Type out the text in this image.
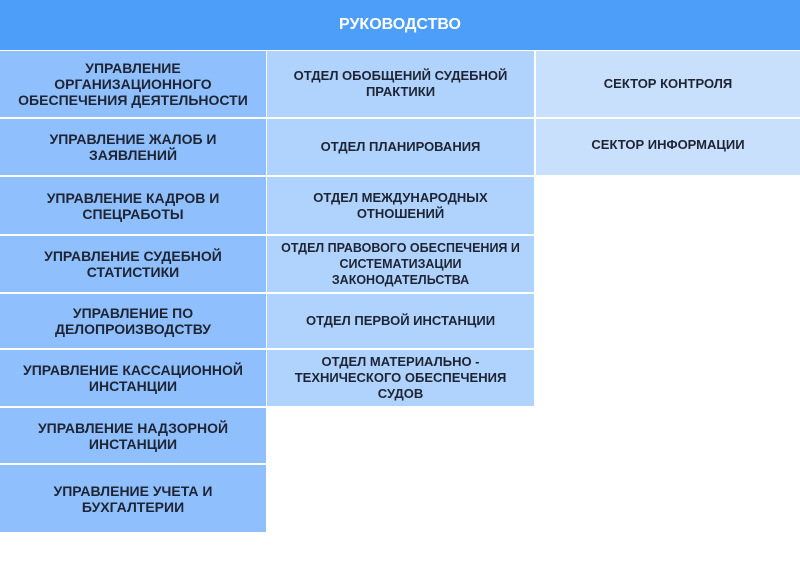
РУКОВОДСТВО
УПРАВЛЕНИЕ ОРГАНИЗАЦИОННОГО ОБЕСПЕЧЕНИЯ ДЕЯТЕЛЬНОСТИ
УПРАВЛЕНИЕ ЖАЛОБ И ЗАЯВЛЕНИЙ
УПРАВЛЕНИЕ КАДРОВ И СПЕЦРАБОТЫ
УПРАВЛЕНИЕ СУДЕБНОЙ СТАТИСТИКИ
УПРАВЛЕНИЕ ПО ДЕЛОПРОИЗВОДСТВУ
УПРАВЛЕНИЕ КАССАЦИОННОЙ ИНСТАНЦИИ
УПРАВЛЕНИЕ НАДЗОРНОЙ ИНСТАНЦИИ
УПРАВЛЕНИЕ УЧЕТА И БУХГАЛТЕРИИ
ОТДЕЛ ОБОБЩЕНИЙ СУДЕБНОЙ ПРАКТИКИ
ОТДЕЛ ПЛАНИРОВАНИЯ
ОТДЕЛ МЕЖДУНАРОДНЫХ ОТНОШЕНИЙ
ОТДЕЛ ПРАВОВОГО ОБЕСПЕЧЕНИЯ И СИСТЕМАТИЗАЦИИ ЗАКОНОДАТЕЛЬСТВА
ОТДЕЛ ПЕРВОЙ ИНСТАНЦИИ
ОТДЕЛ МАТЕРИАЛЬНО - ТЕХНИЧЕСКОГО ОБЕСПЕЧЕНИЯ СУДОВ
СЕКТОР КОНТРОЛЯ
СЕКТОР ИНФОРМАЦИИ
